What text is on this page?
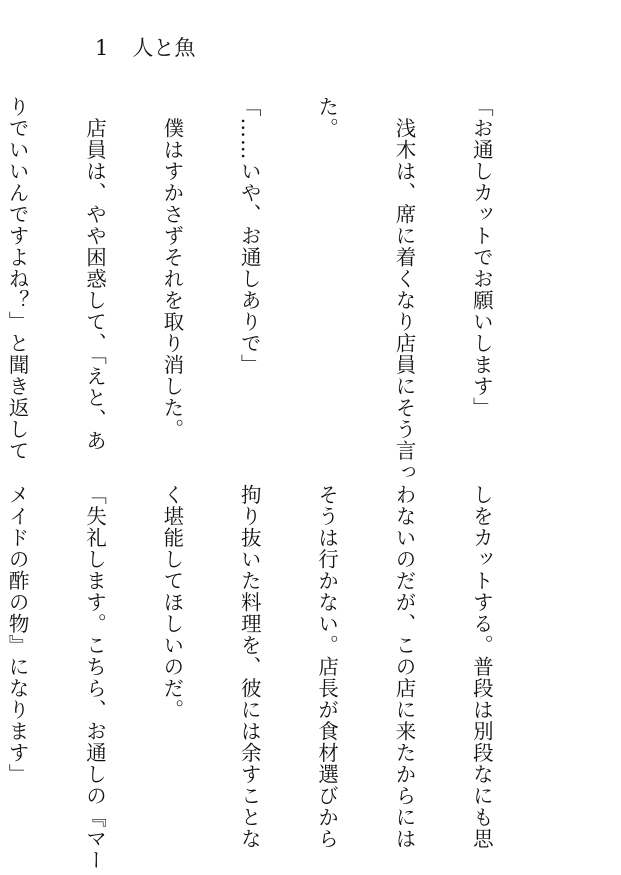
1 人と魚

「お通しカットでお願いします」

　浅木は、席に着くなり店員にそう言っ

た。

「……いや、お通しありで」

　僕はすかさずそれを取り消した。

　店員は、やや困惑して、「えと、あ

りでいいんですよね？」と聞き返して

しをカットする。普段は別段なにも思

わないのだが、この店に来たからには

そうは行かない。店長が食材選びから

拘り抜いた料理を、彼には余すことな

く堪能してほしいのだ。

「失礼します。こちら、お通しの『マー

メイドの酢の物』になります」
